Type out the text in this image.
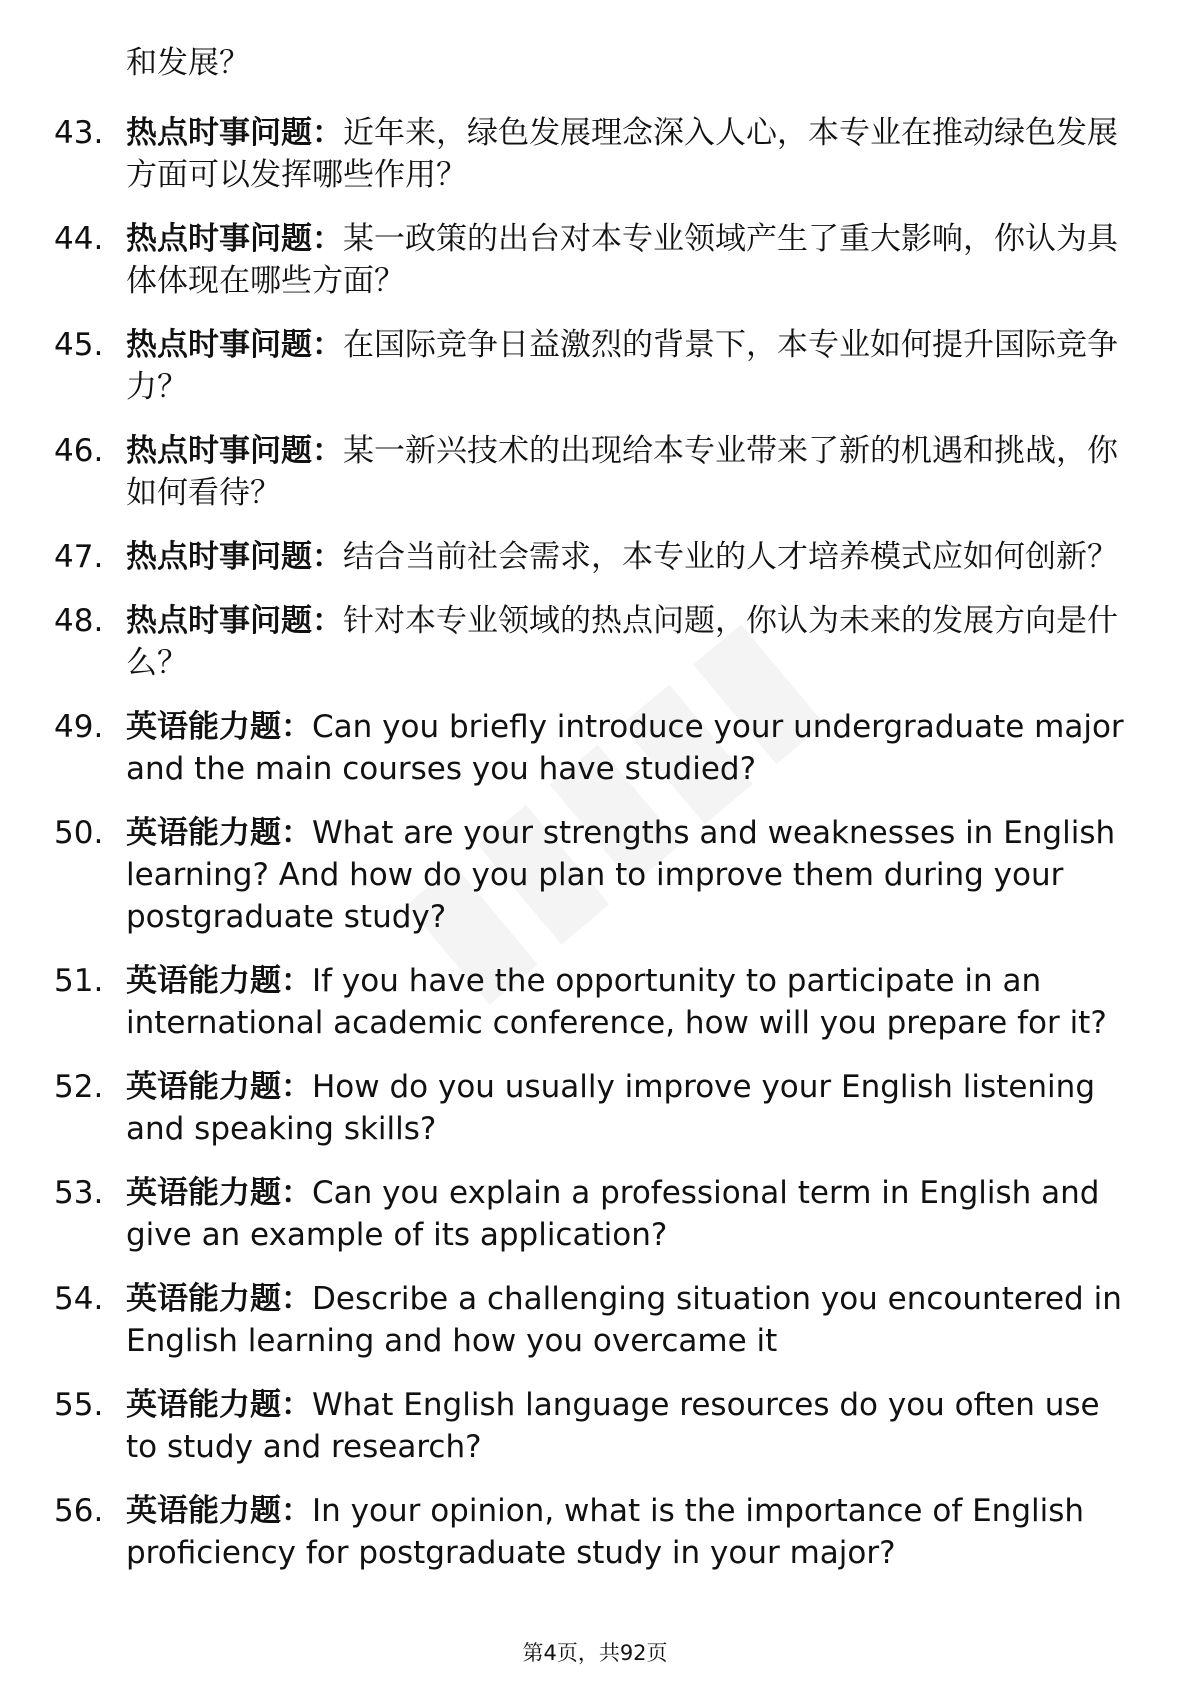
和发展？
43. 热点时事问题：近年来，绿色发展理念深入人心，本专业在推动绿色发展方面可以发挥哪些作用？
44. 热点时事问题：某一政策的出台对本专业领域产生了重大影响，你认为具体体现在哪些方面？
45. 热点时事问题：在国际竞争日益激烈的背景下，本专业如何提升国际竞争力？
46. 热点时事问题：某一新兴技术的出现给本专业带来了新的机遇和挑战，你如何看待？
47. 热点时事问题：结合当前社会需求，本专业的人才培养模式应如何创新？
48. 热点时事问题：针对本专业领域的热点问题，你认为未来的发展方向是什么？
49. 英语能力题：Can you briefly introduce your undergraduate major and the main courses you have studied?
50. 英语能力题：What are your strengths and weaknesses in English learning? And how do you plan to improve them during your postgraduate study?
51. 英语能力题：If you have the opportunity to participate in an international academic conference, how will you prepare for it?
52. 英语能力题：How do you usually improve your English listening and speaking skills?
53. 英语能力题：Can you explain a professional term in English and give an example of its application?
54. 英语能力题：Describe a challenging situation you encountered in English learning and how you overcame it
55. 英语能力题：What English language resources do you often use to study and research?
56. 英语能力题：In your opinion, what is the importance of English proficiency for postgraduate study in your major?
第4页，共92页
